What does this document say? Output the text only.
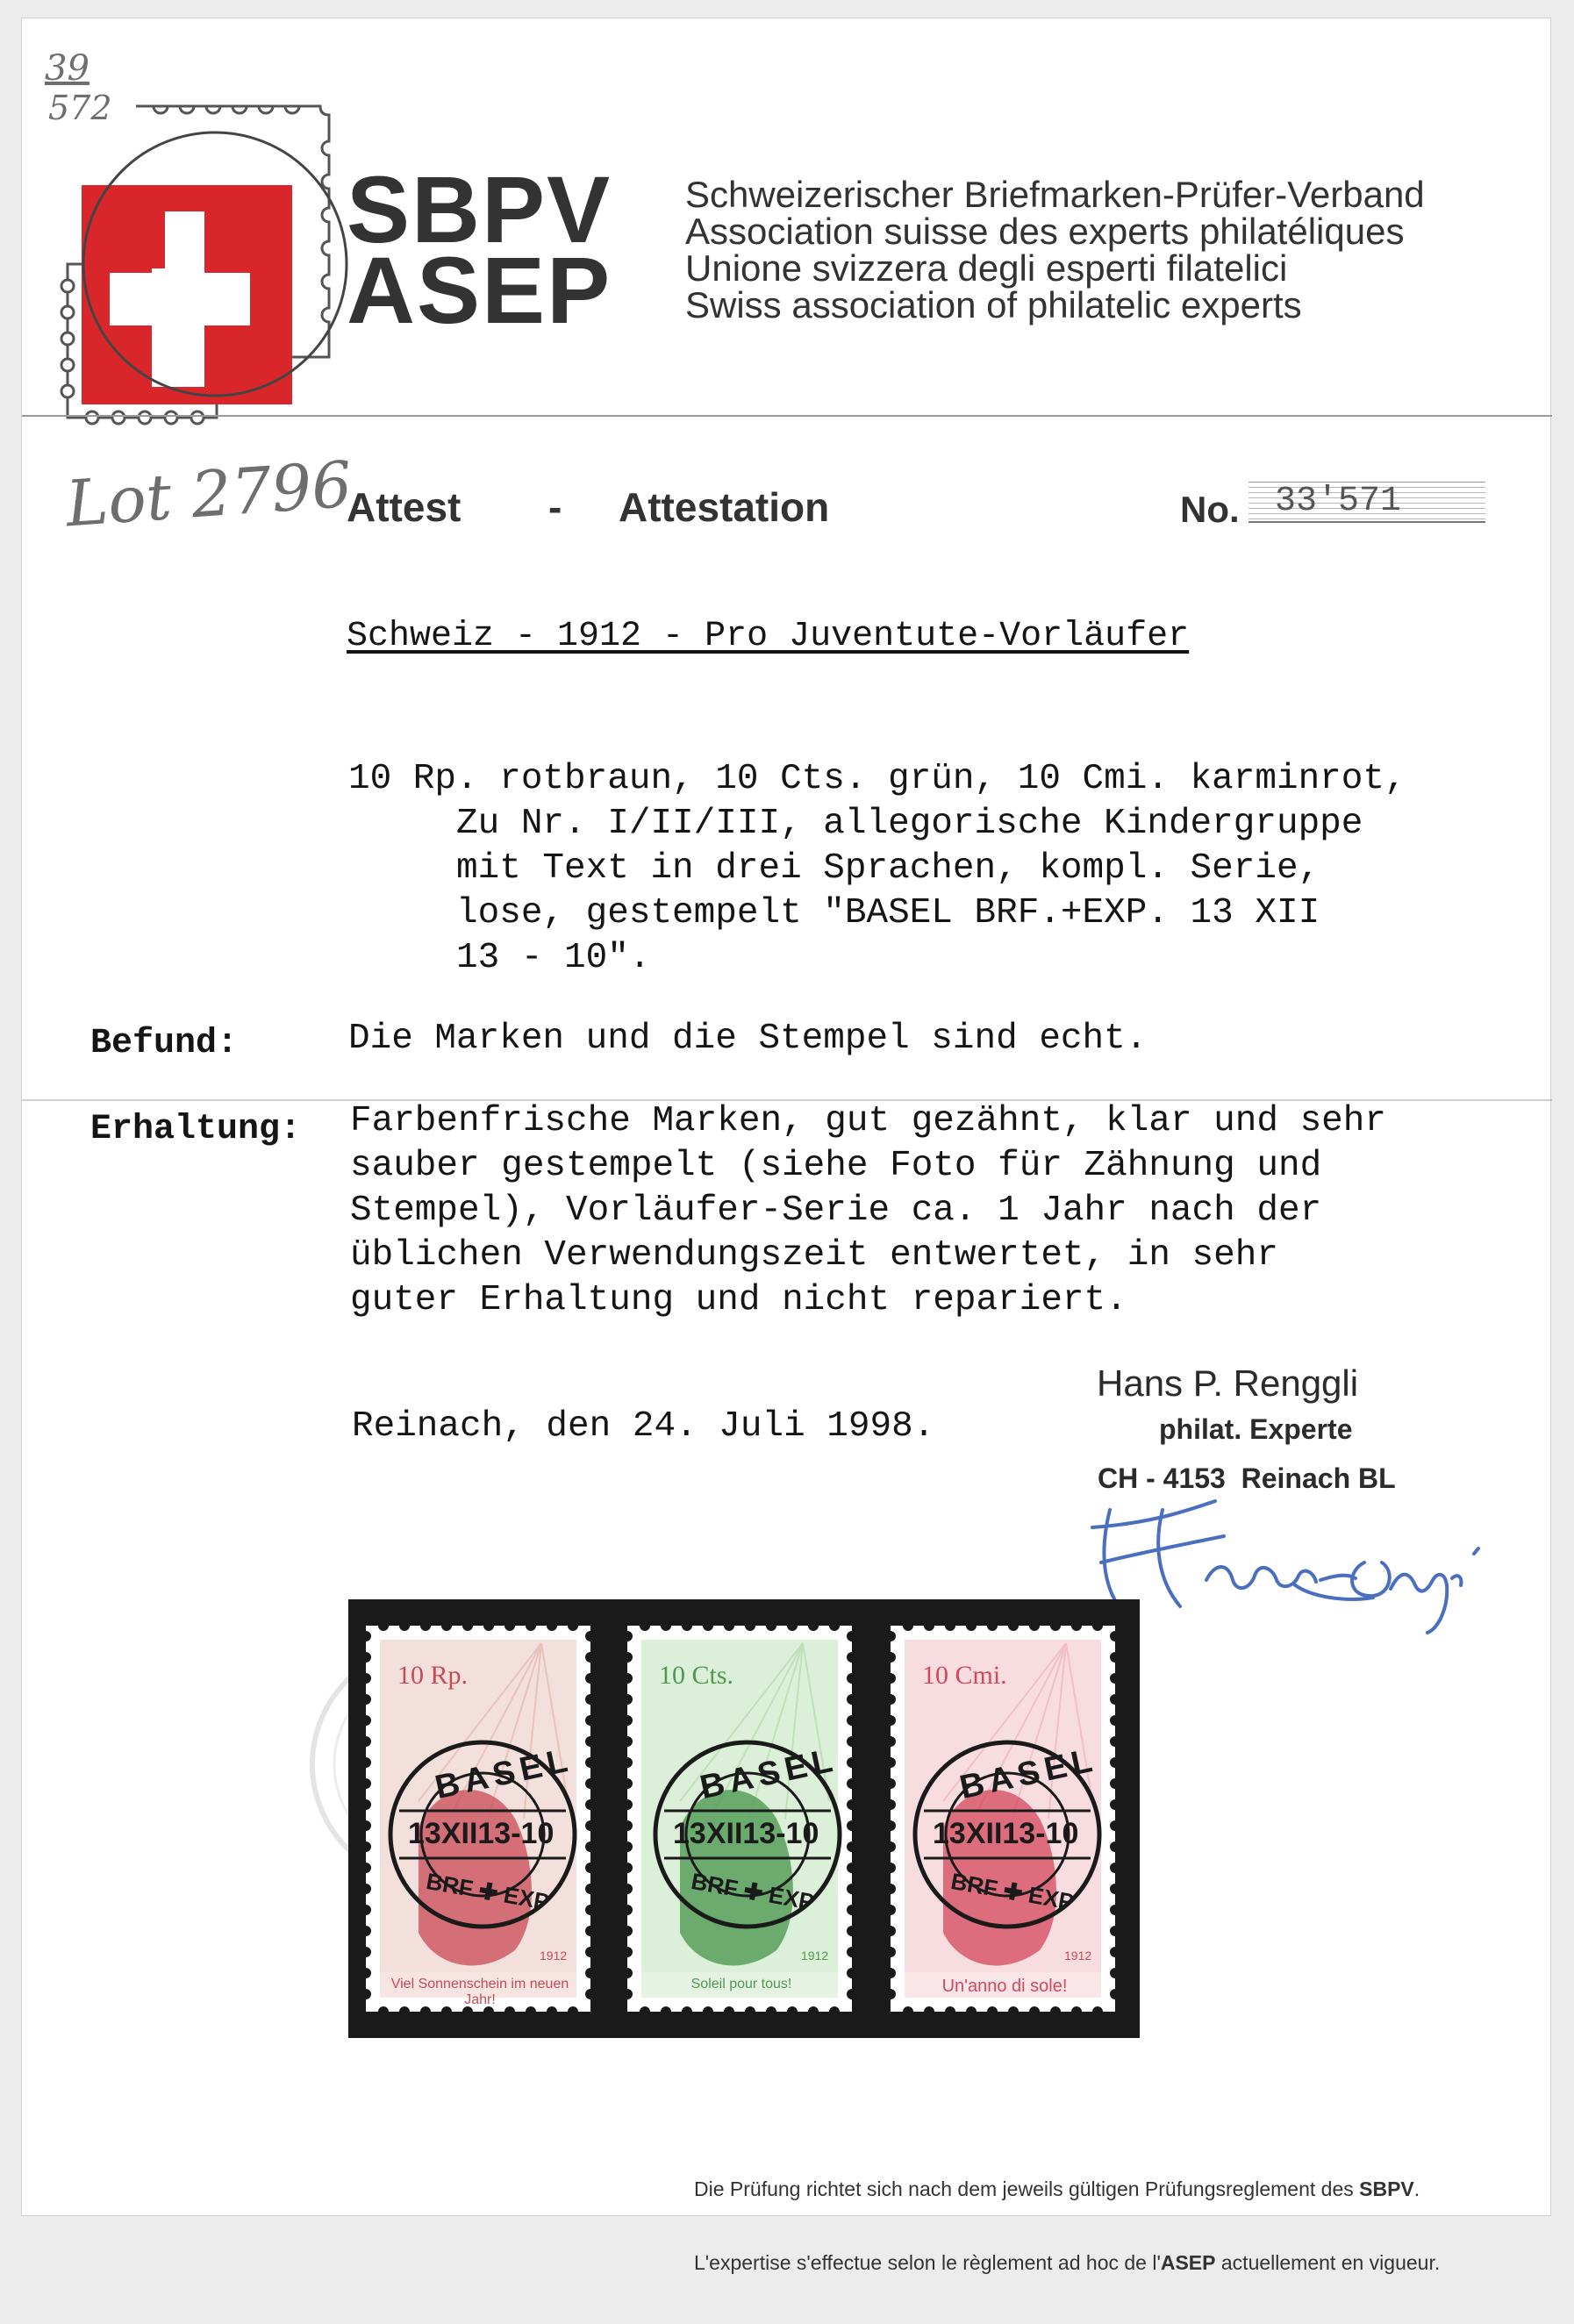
39
572
SBPV
ASEP
Schweizerischer Briefmarken-Prüfer-Verband
Association suisse des experts philatéliques
Unione svizzera degli esperti filatelici
Swiss association of philatelic experts
Lot 2796
Attest - Attestation	No.	33'571
Schweiz - 1912 - Pro Juventute-Vorläufer
10 Rp. rotbraun, 10 Cts. grün, 10 Cmi. karminrot,
Zu Nr. I/II/III, allegorische Kindergruppe
mit Text in drei Sprachen, kompl. Serie,
lose, gestempelt "BASEL BRF.+EXP. 13 XII
13 - 10".
Befund:	Die Marken und die Stempel sind echt.
Erhaltung: Farbenfrische Marken, gut gezähnt, klar und sehr
sauber gestempelt (siehe Foto für Zähnung und
Stempel), Vorläufer-Serie ca. 1 Jahr nach der
üblichen Verwendungszeit entwertet, in sehr
guter Erhaltung und nicht repariert.
Reinach, den 24. Juli 1998.
Hans P. Renggli
philat. Experte
CH - 4153  Reinach BL
10 Rp.
1912
Viel Sonnenschein im neuen Jahr!
10 Cts.
1912
Soleil pour tous!
10 Cmi.
1912
Un'anno di sole!
BASEL
13XII13-10
BRF ✚ EXP
BASEL
13XII13-10
BRF ✚ EXP
BASEL
13XII13-10
BRF ✚ EXP

Die Prüfung richtet sich nach dem jeweils gültigen Prüfungsreglement des SBPV.

L'expertise s'effectue selon le règlement ad hoc de l'ASEP actuellement en vigueur.
